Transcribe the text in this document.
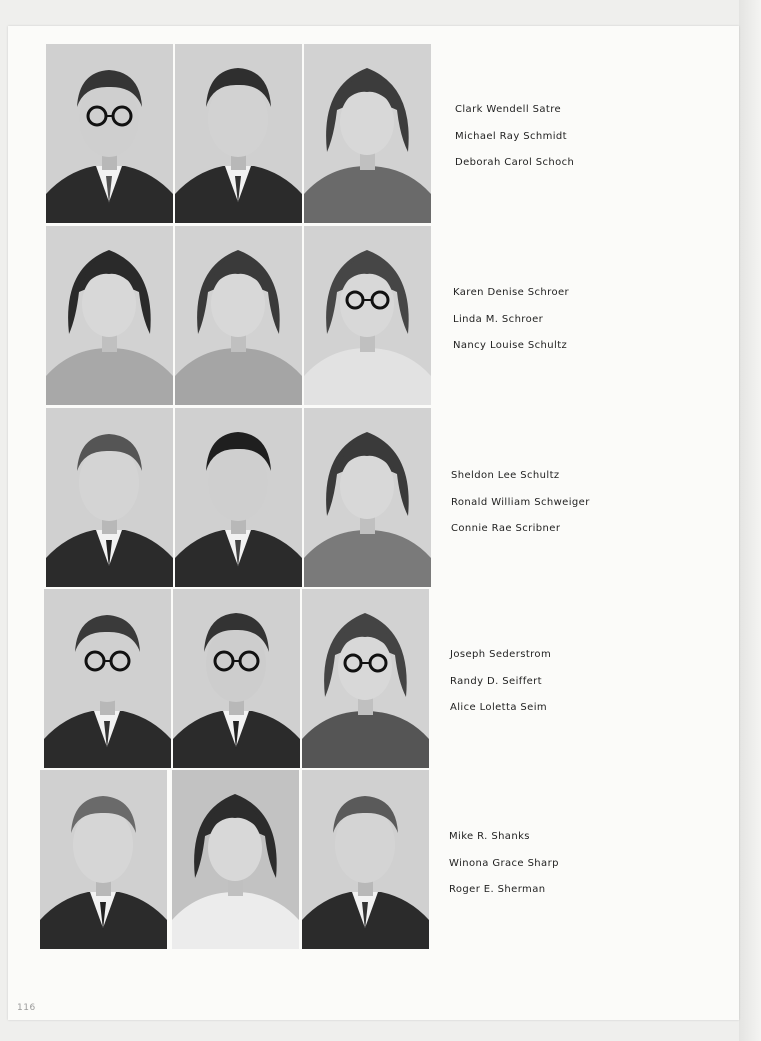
Clark Wendell Satre
Michael Ray Schmidt
Deborah Carol Schoch
Karen Denise Schroer
Linda M. Schroer
Nancy Louise Schultz
Sheldon Lee Schultz
Ronald William Schweiger
Connie Rae Scribner
Joseph Sederstrom
Randy D. Seiffert
Alice Loletta Seim
Mike R. Shanks
Winona Grace Sharp
Roger E. Sherman
116
